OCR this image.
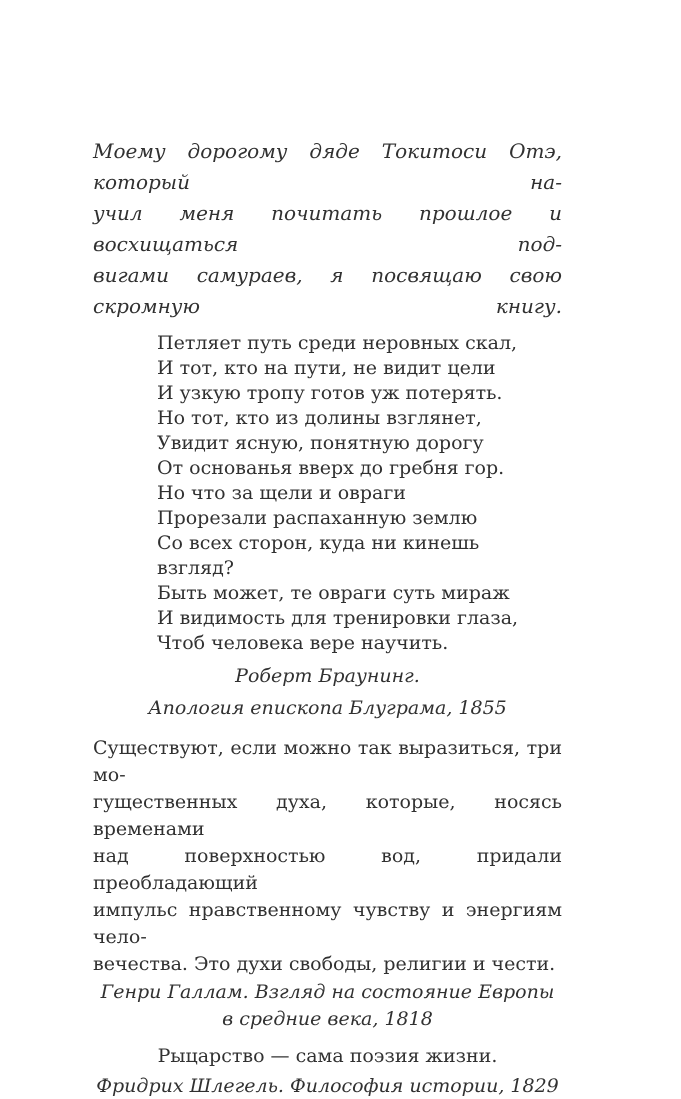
Моему дорогому дяде Токитоси Отэ, который на-
учил меня почитать прошлое и восхищаться под-
вигами самураев, я посвящаю свою скромную книгу.
Петляет путь среди неровных скал,
И тот, кто на пути, не видит цели
И узкую тропу готов уж потерять.
Но тот, кто из долины взглянет,
Увидит ясную, понятную дорогу
От основанья вверх до гребня гор.
Но что за щели и овраги
Прорезали распаханную землю
Со всех сторон, куда ни кинешь взгляд?
Быть может, те овраги суть мираж
И видимость для тренировки глаза,
Чтоб человека вере научить.
Роберт Браунинг.
Апология епископа Блуграма, 1855
Существуют, если можно так выразиться, три мо-
гущественных духа, которые, носясь временами
над поверхностью вод, придали преобладающий
импульс нравственному чувству и энергиям чело-
вечества. Это духи свободы, религии и чести.
Генри Галлам. Взгляд на состояние Европы
в средние века, 1818
Рыцарство — сама поэзия жизни.
Фридрих Шлегель. Философия истории, 1829
